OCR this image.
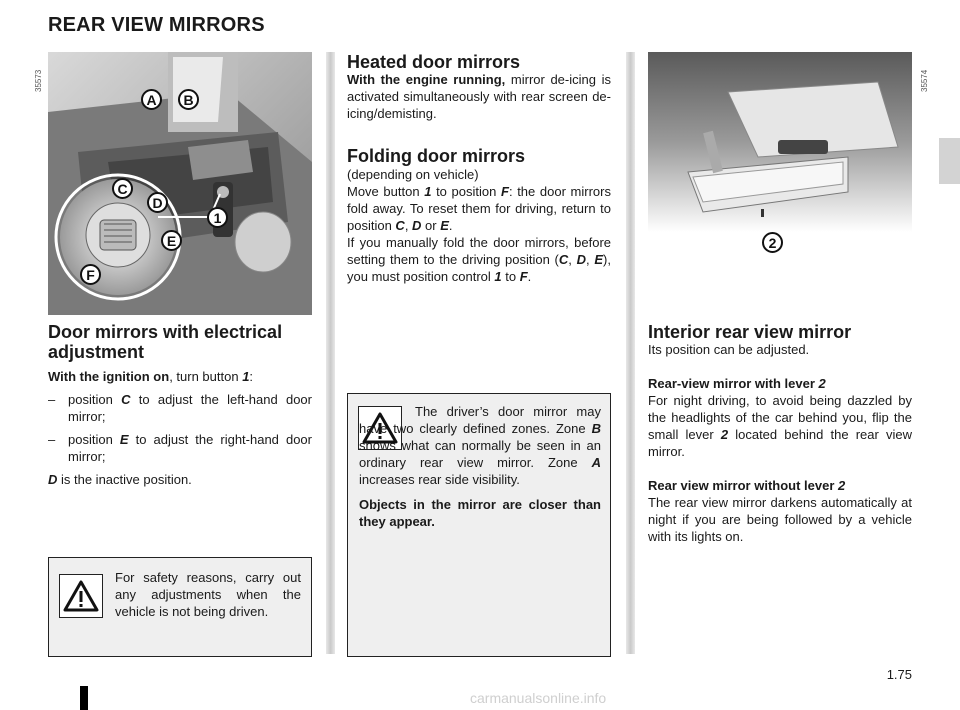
REAR VIEW MIRRORS
35573
A	B
C
D
E
F
1
Door mirrors with electrical adjustment

With the ignition on, turn button 1:

– position C to adjust the left-hand door mirror;
– position E to adjust the right-hand door mirror;

D is the inactive position.

For safety reasons, carry out any adjustments when the vehicle is not being driven.
Heated door mirrors
With the engine running, mirror de-icing is activated simultaneously with rear screen de-icing/demisting.
Folding door mirrors

(depending on vehicle)

Move button 1 to position F: the door mirrors fold away. To reset them for driving, return to position C, D or E.

If you manually fold the door mirrors, before setting them to the driving position (C, D, E), you must position control 1 to F.

The driver’s door mirror may have two clearly defined zones. Zone B shows what can normally be seen in an ordinary rear view mirror. Zone A increases rear side visibility.

Objects in the mirror are closer than they appear.

35574
2
Interior rear view mirror

Its position can be adjusted.

Rear-view mirror with lever 2

For night driving, to avoid being dazzled by the headlights of the car behind you, flip the small lever 2 located behind the rear view mirror.

Rear view mirror without lever 2

The rear view mirror darkens automatically at night if you are being followed by a vehicle with its lights on.

1.75
carmanualsonline.info
